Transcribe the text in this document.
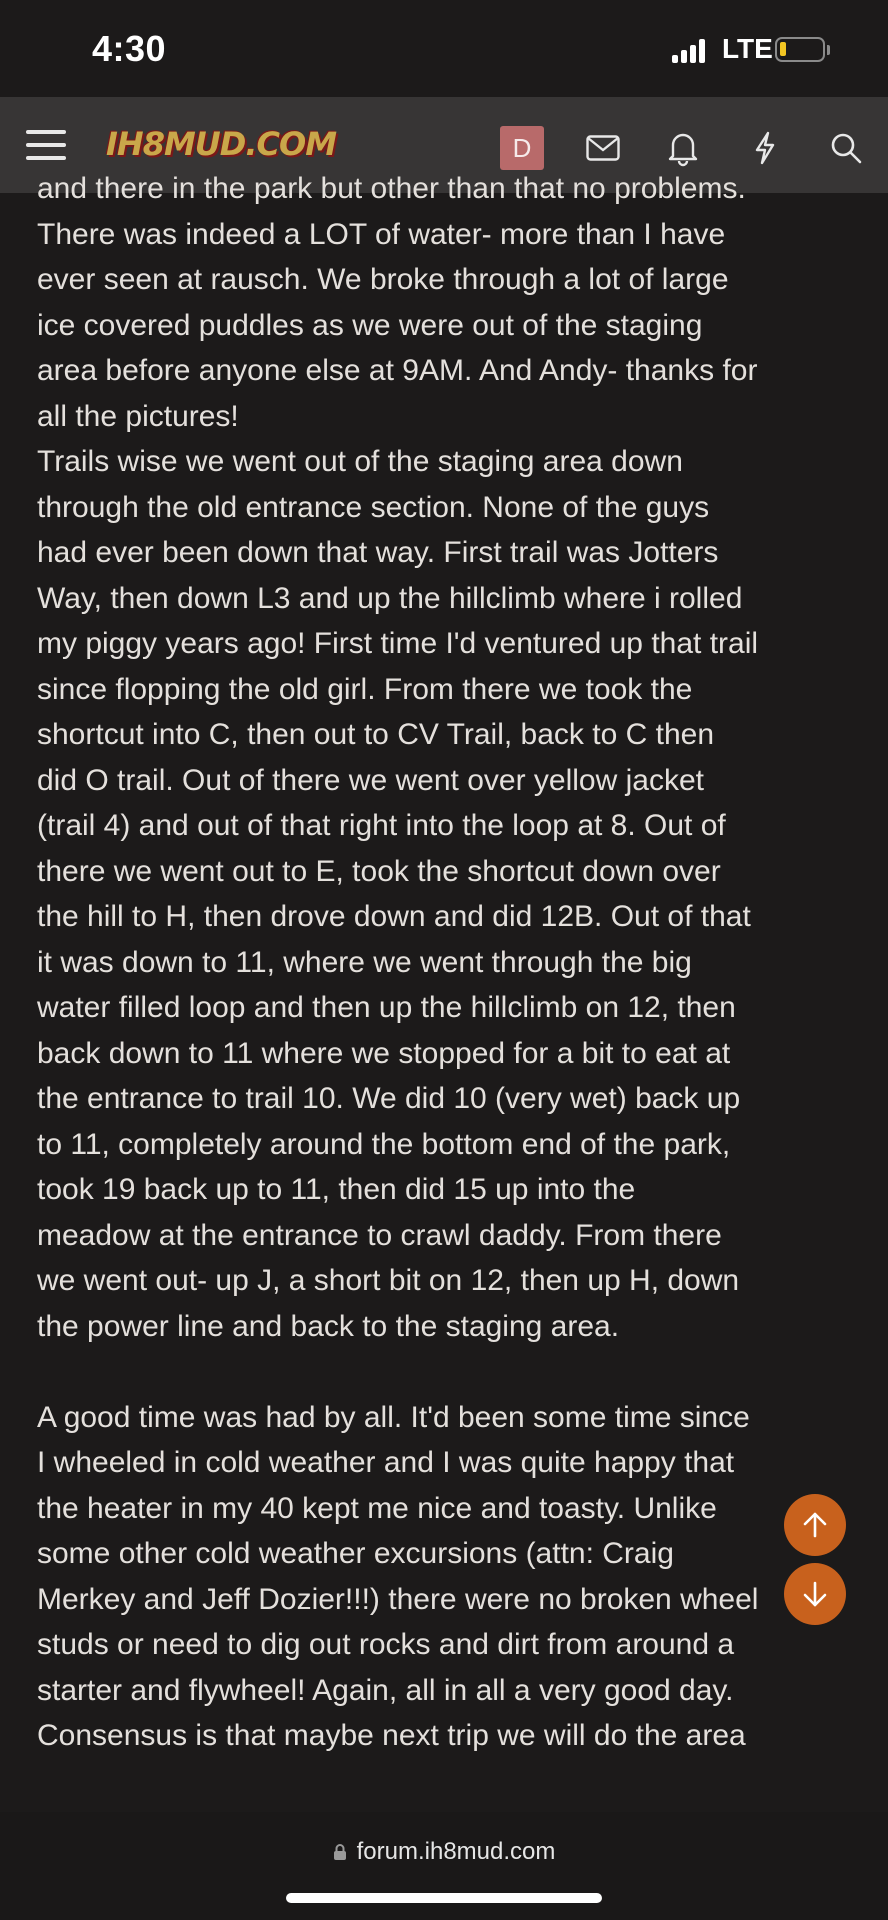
4:30	LTE
IH8MUD.COM	D

and there in the park but other than that no problems.

There was indeed a LOT of water- more than I have

ever seen at rausch. We broke through a lot of large

ice covered puddles as we were out of the staging

area before anyone else at 9AM. And Andy- thanks for

all the pictures!

Trails wise we went out of the staging area down

through the old entrance section. None of the guys

had ever been down that way. First trail was Jotters

Way, then down L3 and up the hillclimb where i rolled

my piggy years ago! First time I'd ventured up that trail

since flopping the old girl. From there we took the

shortcut into C, then out to CV Trail, back to C then

did O trail. Out of there we went over yellow jacket

(trail 4) and out of that right into the loop at 8. Out of

there we went out to E, took the shortcut down over

the hill to H, then drove down and did 12B. Out of that

it was down to 11, where we went through the big

water filled loop and then up the hillclimb on 12, then

back down to 11 where we stopped for a bit to eat at

the entrance to trail 10. We did 10 (very wet) back up

to 11, completely around the bottom end of the park,

took 19 back up to 11, then did 15 up into the

meadow at the entrance to crawl daddy. From there

we went out- up J, a short bit on 12, then up H, down

the power line and back to the staging area.

A good time was had by all. It'd been some time since

I wheeled in cold weather and I was quite happy that

the heater in my 40 kept me nice and toasty. Unlike

some other cold weather excursions (attn: Craig

Merkey and Jeff Dozier!!!) there were no broken wheel

studs or need to dig out rocks and dirt from around a

starter and flywheel! Again, all in all a very good day.

Consensus is that maybe next trip we will do the area

forum.ih8mud.com
